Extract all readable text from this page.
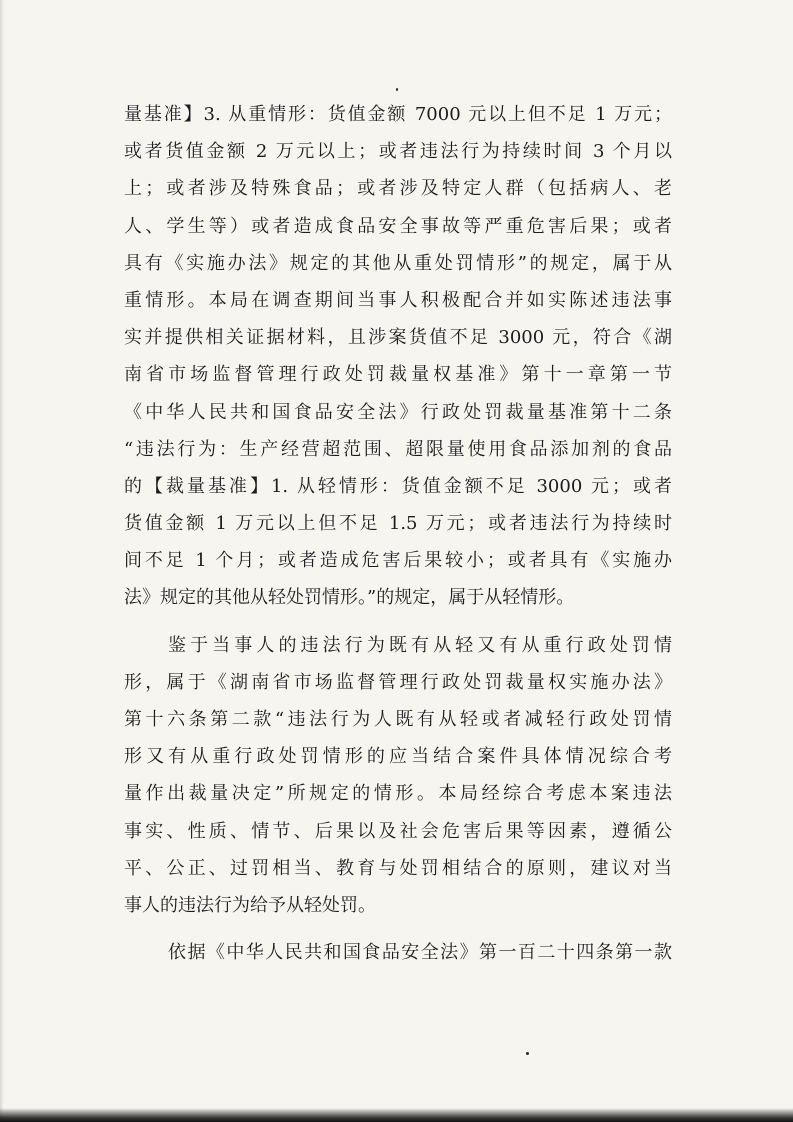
量基准】3. 从重情形：货值金额 7000 元以上但不足 1 万元；
或者货值金额 2 万元以上；或者违法行为持续时间 3 个月以
上；或者涉及特殊食品；或者涉及特定人群（包括病人、老
人、学生等）或者造成食品安全事故等严重危害后果；或者
具有《实施办法》规定的其他从重处罚情形”的规定，属于从
重情形。本局在调查期间当事人积极配合并如实陈述违法事
实并提供相关证据材料，且涉案货值不足 3000 元，符合《湖
南省市场监督管理行政处罚裁量权基准》第十一章第一节
《中华人民共和国食品安全法》行政处罚裁量基准第十二条
“违法行为：生产经营超范围、超限量使用食品添加剂的食品
的【裁量基准】1. 从轻情形：货值金额不足 3000 元；或者
货值金额 1 万元以上但不足 1.5 万元；或者违法行为持续时
间不足 1 个月；或者造成危害后果较小；或者具有《实施办
法》规定的其他从轻处罚情形。”的规定，属于从轻情形。
鉴于当事人的违法行为既有从轻又有从重行政处罚情
形，属于《湖南省市场监督管理行政处罚裁量权实施办法》
第十六条第二款“违法行为人既有从轻或者减轻行政处罚情
形又有从重行政处罚情形的应当结合案件具体情况综合考
量作出裁量决定”所规定的情形。本局经综合考虑本案违法
事实、性质、情节、后果以及社会危害后果等因素，遵循公
平、公正、过罚相当、教育与处罚相结合的原则，建议对当
事人的违法行为给予从轻处罚。
依据《中华人民共和国食品安全法》第一百二十四条第一款
